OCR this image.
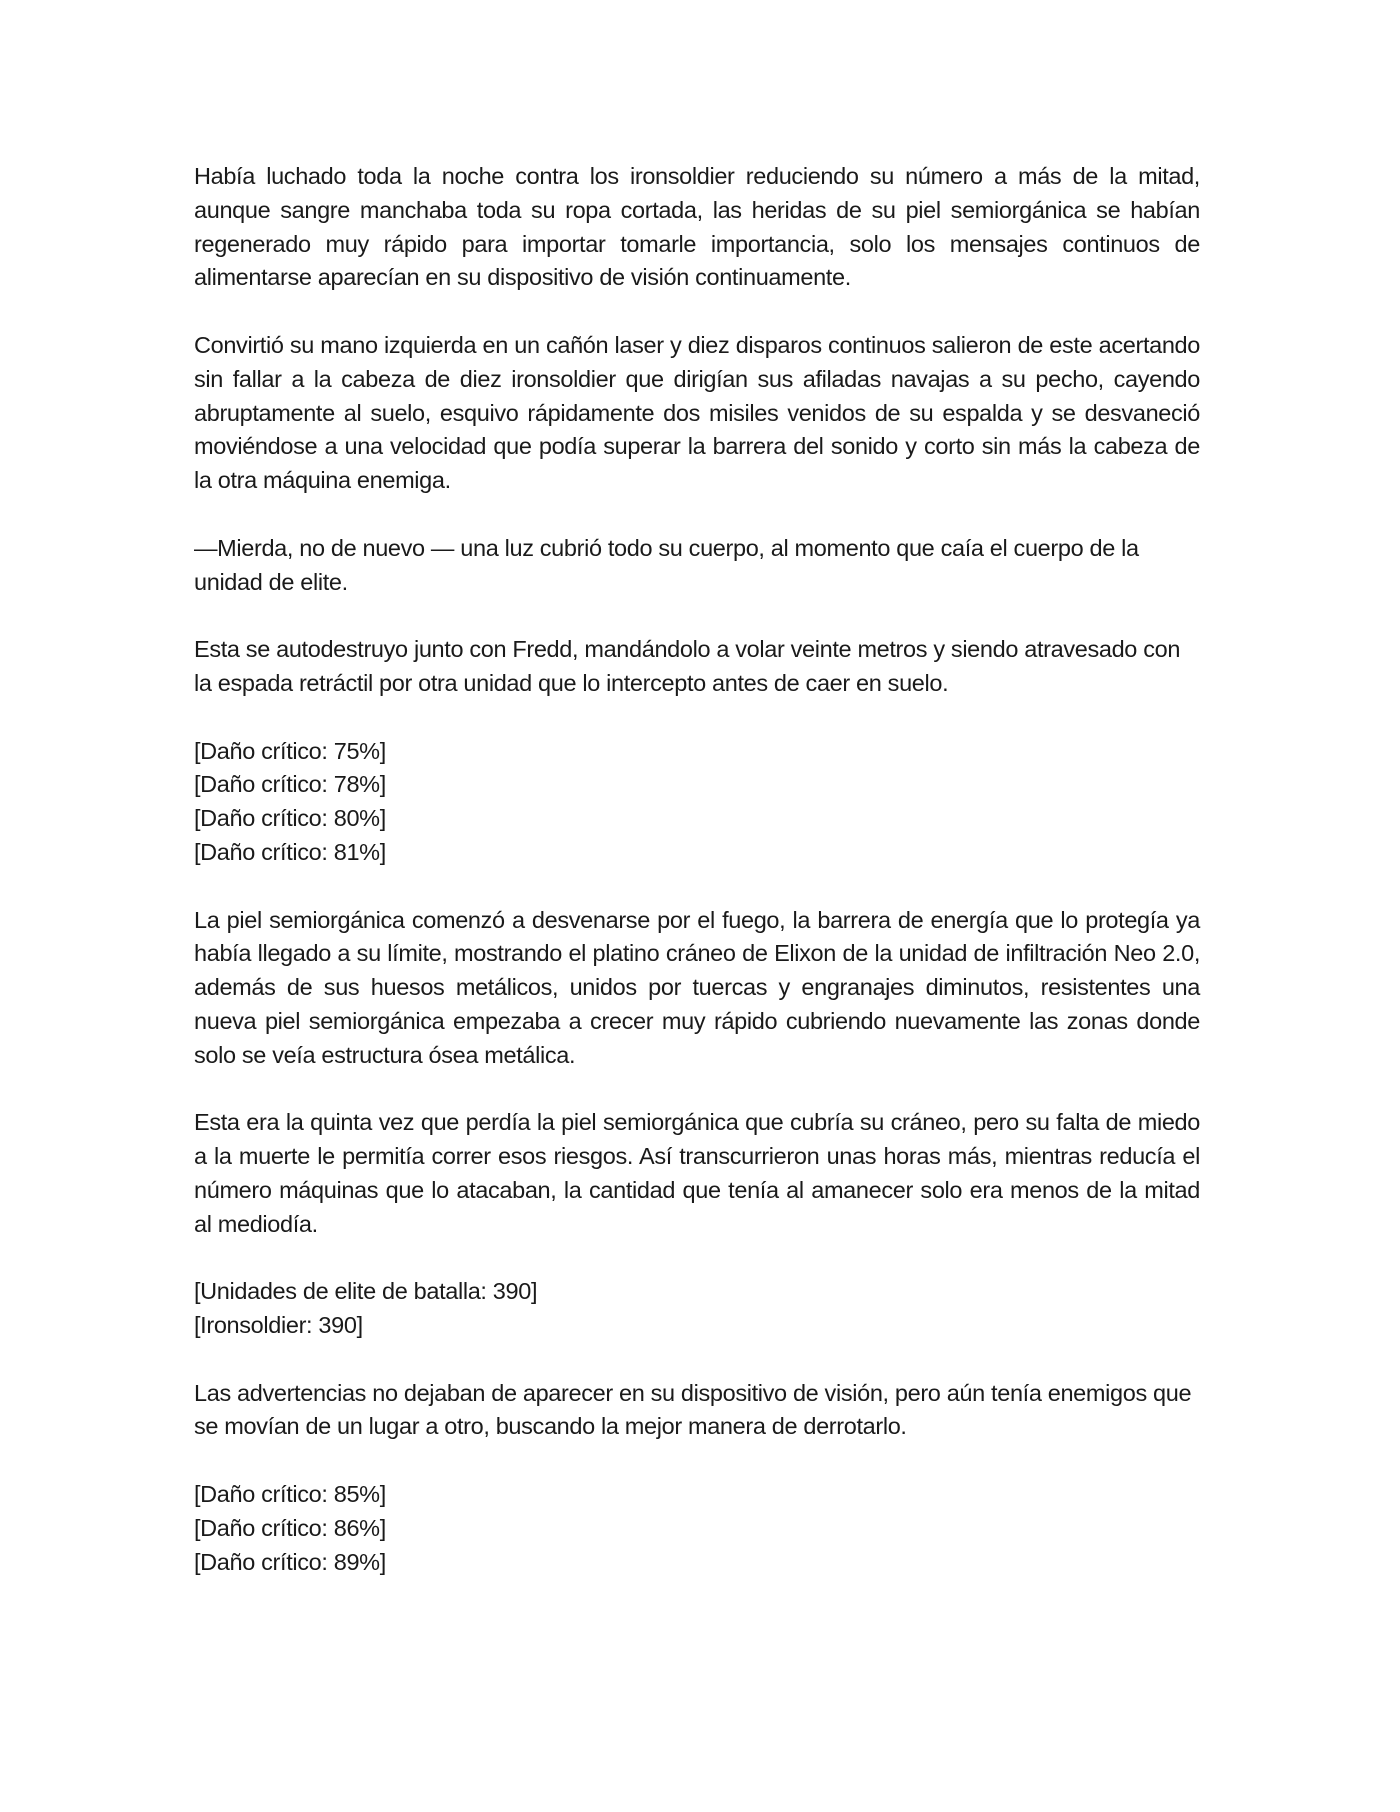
Había luchado toda la noche contra los ironsoldier reduciendo su número a más de la mitad, aunque sangre manchaba toda su ropa cortada, las heridas de su piel semiorgánica se habían regenerado muy rápido para importar tomarle importancia, solo los mensajes continuos de alimentarse aparecían en su dispositivo de visión continuamente.

Convirtió su mano izquierda en un cañón laser y diez disparos continuos salieron de este acertando sin fallar a la cabeza de diez ironsoldier que dirigían sus afiladas navajas a su pecho, cayendo abruptamente al suelo, esquivo rápidamente dos misiles venidos de su espalda y se desvaneció moviéndose a una velocidad que podía superar la barrera del sonido y corto sin más la cabeza de la otra máquina enemiga.

—Mierda, no de nuevo — una luz cubrió todo su cuerpo, al momento que caía el cuerpo de la unidad de elite.

Esta se autodestruyo junto con Fredd, mandándolo a volar veinte metros y siendo atravesado con la espada retráctil por otra unidad que lo intercepto antes de caer en suelo.

[Daño crítico: 75%]
[Daño crítico: 78%]
[Daño crítico: 80%]
[Daño crítico: 81%]

La piel semiorgánica comenzó a desvenarse por el fuego, la barrera de energía que lo protegía ya había llegado a su límite, mostrando el platino cráneo de Elixon de la unidad de infiltración Neo 2.0, además de sus huesos metálicos, unidos por tuercas y engranajes diminutos, resistentes una nueva piel semiorgánica empezaba a crecer muy rápido cubriendo nuevamente las zonas donde solo se veía estructura ósea metálica.

Esta era la quinta vez que perdía la piel semiorgánica que cubría su cráneo, pero su falta de miedo a la muerte le permitía correr esos riesgos. Así transcurrieron unas horas más, mientras reducía el número máquinas que lo atacaban, la cantidad que tenía al amanecer solo era menos de la mitad al mediodía.

[Unidades de elite de batalla: 390]
[Ironsoldier: 390]

Las advertencias no dejaban de aparecer en su dispositivo de visión, pero aún tenía enemigos que se movían de un lugar a otro, buscando la mejor manera de derrotarlo.

[Daño crítico: 85%]
[Daño crítico: 86%]
[Daño crítico: 89%]
